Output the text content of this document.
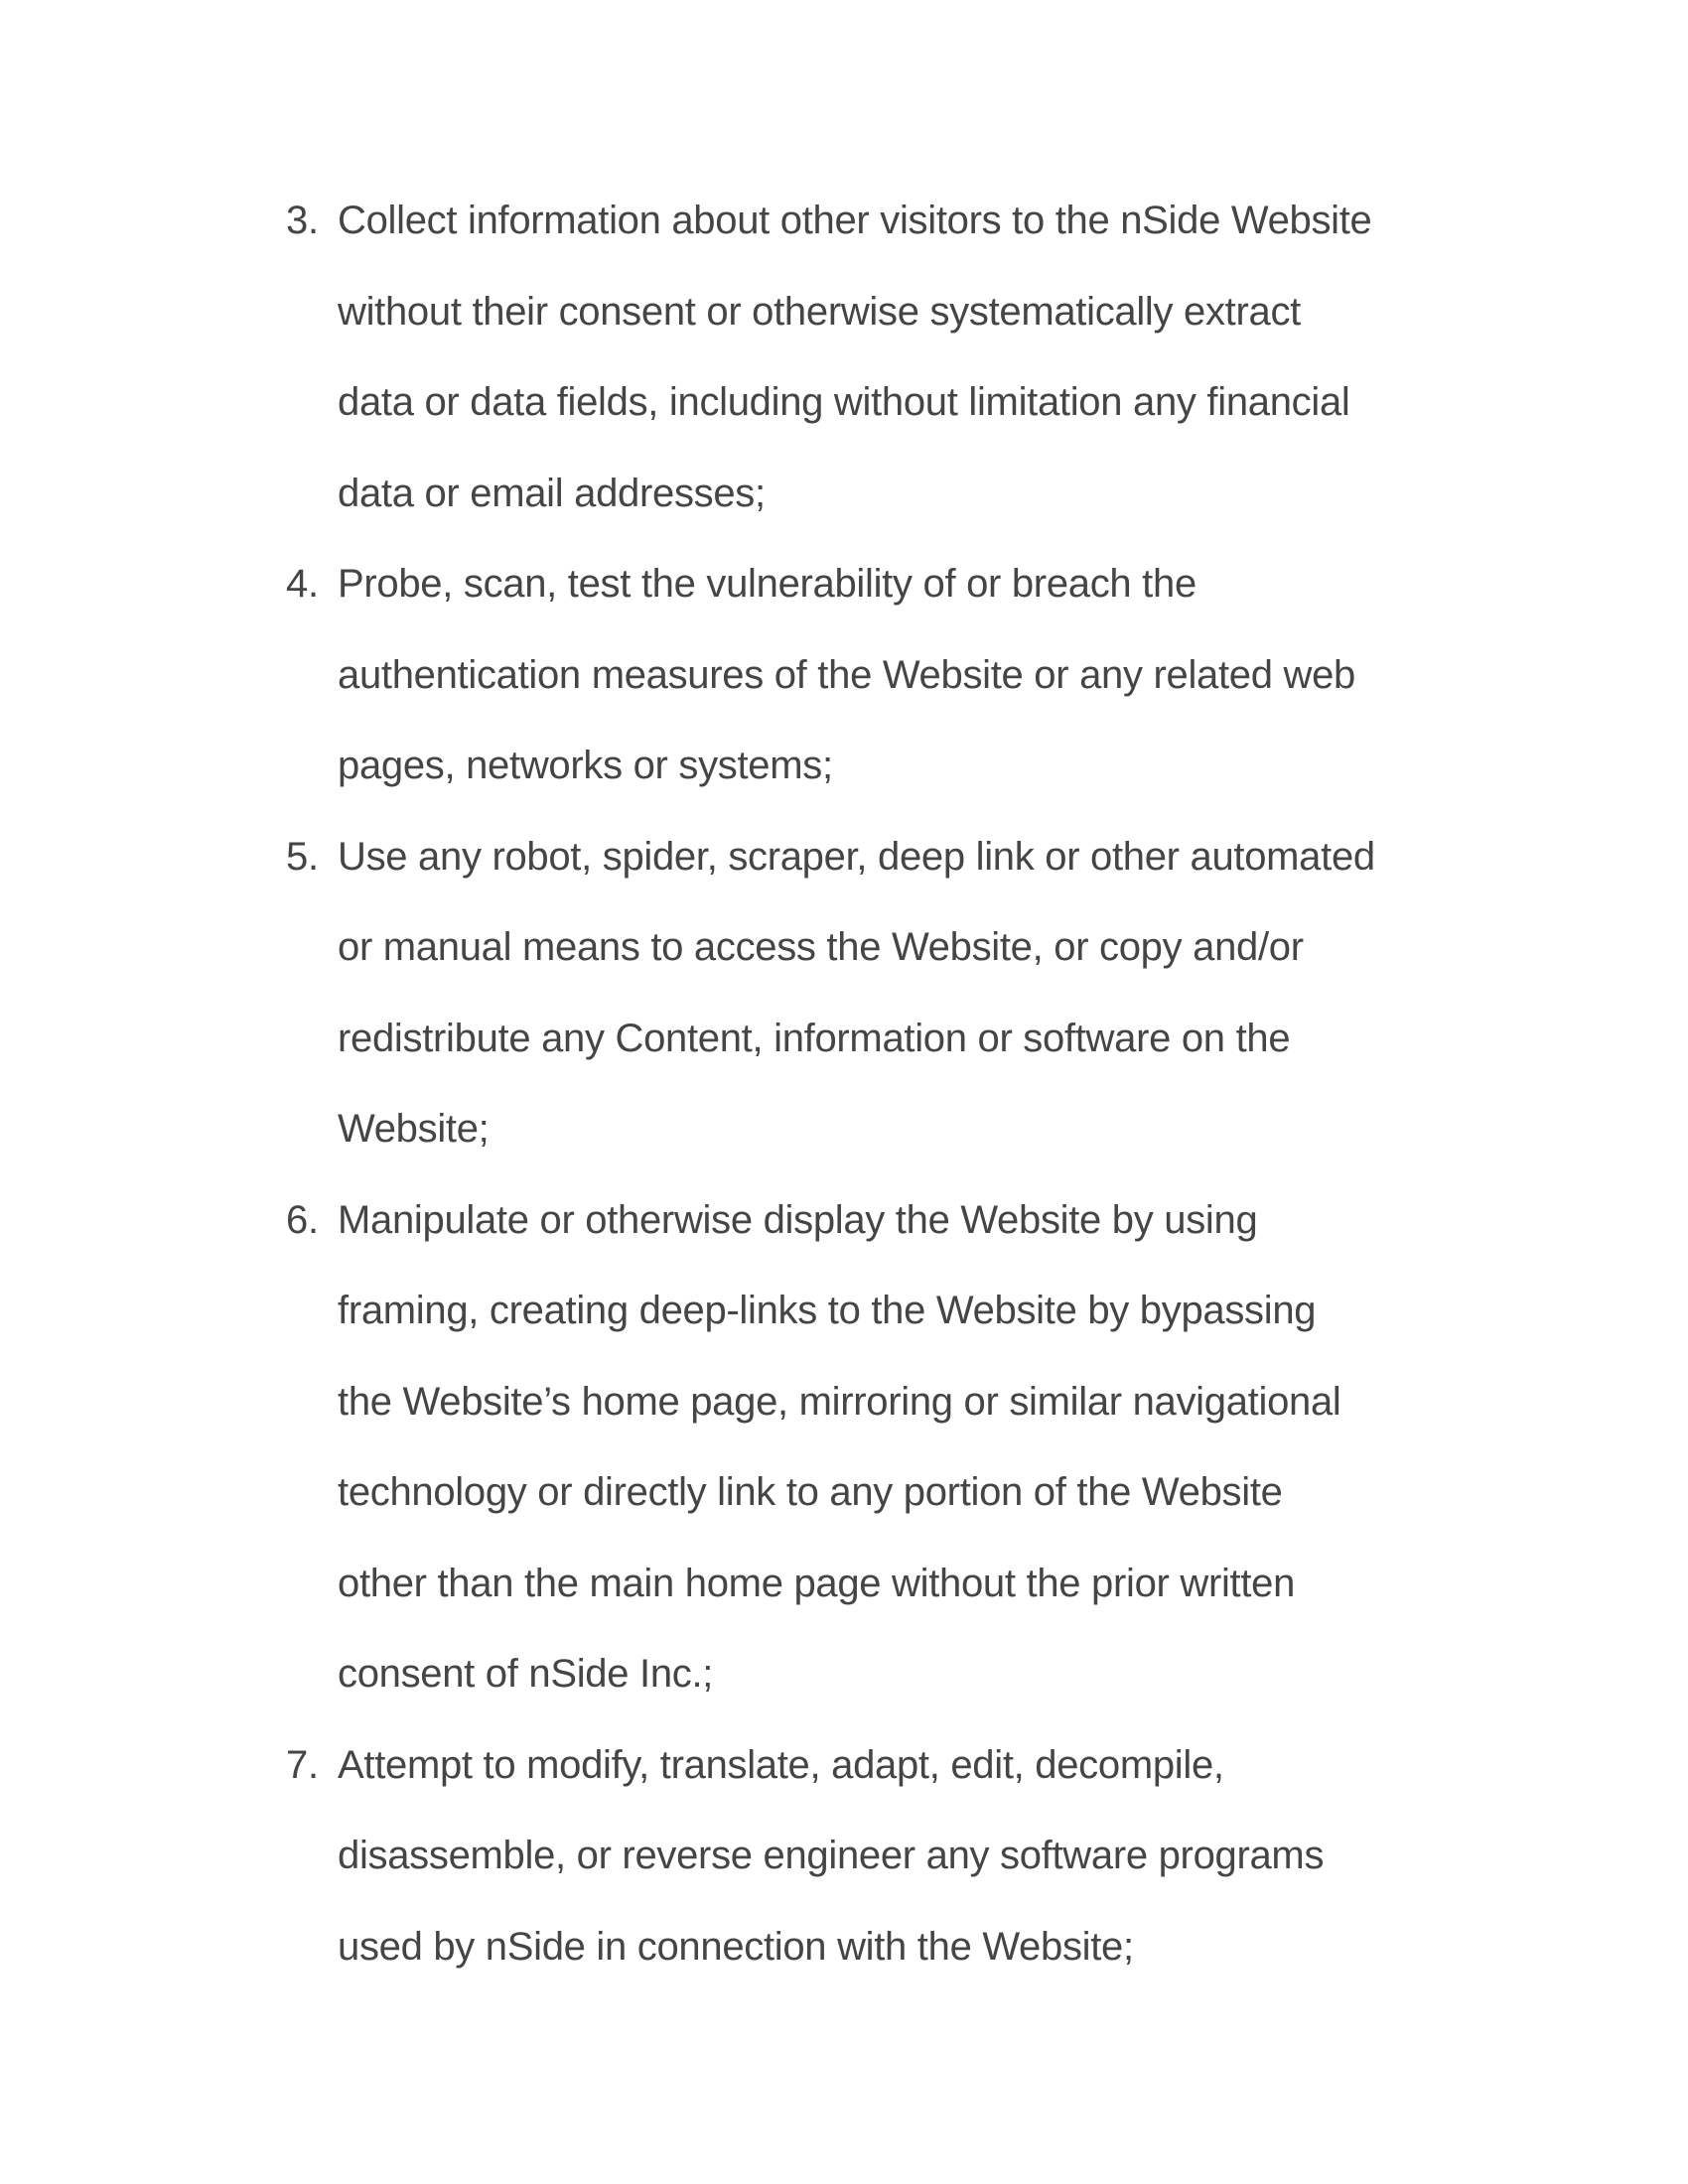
3. Collect information about other visitors to the nSide Website
without their consent or otherwise systematically extract
data or data fields, including without limitation any financial
data or email addresses;
4. Probe, scan, test the vulnerability of or breach the
authentication measures of the Website or any related web
pages, networks or systems;
5. Use any robot, spider, scraper, deep link or other automated
or manual means to access the Website, or copy and/or
redistribute any Content, information or software on the
Website;
6. Manipulate or otherwise display the Website by using
framing, creating deep-links to the Website by bypassing
the Website’s home page, mirroring or similar navigational
technology or directly link to any portion of the Website
other than the main home page without the prior written
consent of nSide Inc.;
7. Attempt to modify, translate, adapt, edit, decompile,
disassemble, or reverse engineer any software programs
used by nSide in connection with the Website;
